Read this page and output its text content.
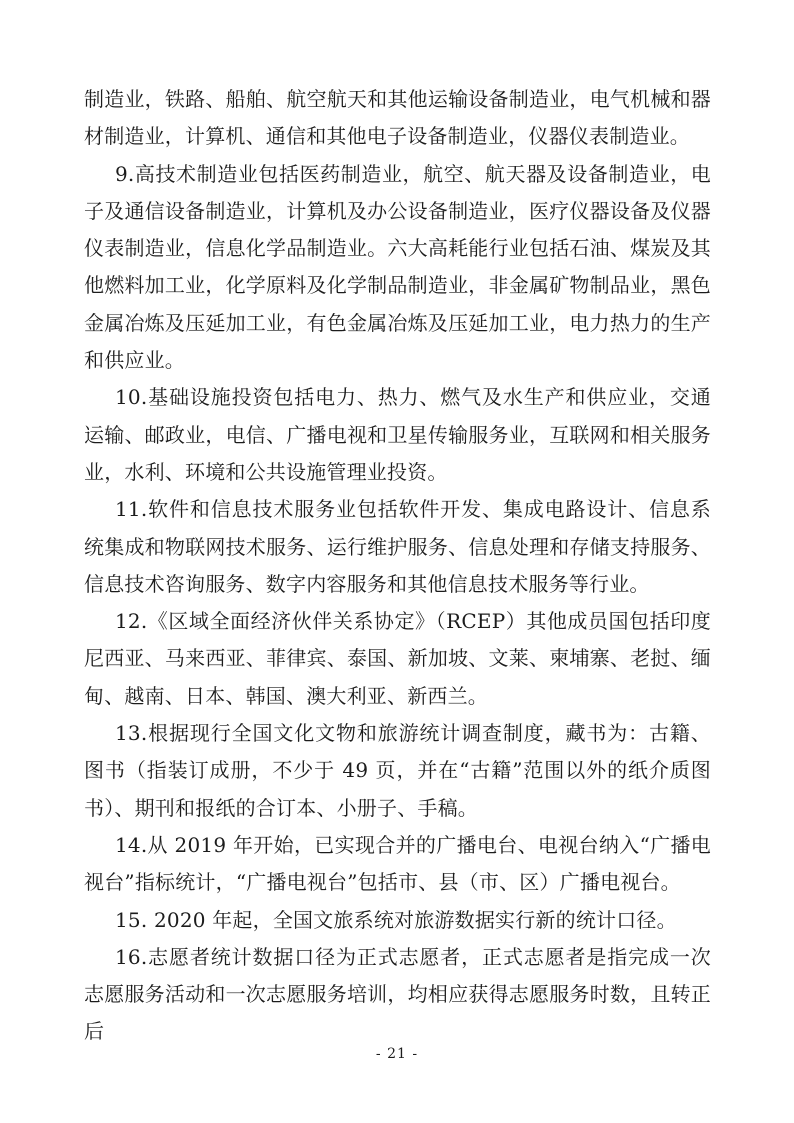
制造业，铁路、船舶、航空航天和其他运输设备制造业，电气机械和器材制造业，计算机、通信和其他电子设备制造业，仪器仪表制造业。

9.高技术制造业包括医药制造业，航空、航天器及设备制造业，电子及通信设备制造业，计算机及办公设备制造业，医疗仪器设备及仪器仪表制造业，信息化学品制造业。六大高耗能行业包括石油、煤炭及其他燃料加工业，化学原料及化学制品制造业，非金属矿物制品业，黑色金属冶炼及压延加工业，有色金属冶炼及压延加工业，电力热力的生产和供应业。

10.基础设施投资包括电力、热力、燃气及水生产和供应业，交通运输、邮政业，电信、广播电视和卫星传输服务业，互联网和相关服务业，水利、环境和公共设施管理业投资。

11.软件和信息技术服务业包括软件开发、集成电路设计、信息系统集成和物联网技术服务、运行维护服务、信息处理和存储支持服务、信息技术咨询服务、数字内容服务和其他信息技术服务等行业。

12.《区域全面经济伙伴关系协定》（RCEP）其他成员国包括印度尼西亚、马来西亚、菲律宾、泰国、新加坡、文莱、柬埔寨、老挝、缅甸、越南、日本、韩国、澳大利亚、新西兰。

13.根据现行全国文化文物和旅游统计调查制度，藏书为：古籍、图书（指装订成册，不少于 49 页，并在“古籍”范围以外的纸介质图书）、期刊和报纸的合订本、小册子、手稿。

14.从 2019 年开始，已实现合并的广播电台、电视台纳入“广播电视台”指标统计，“广播电视台”包括市、县（市、区）广播电视台。

15. 2020 年起，全国文旅系统对旅游数据实行新的统计口径。

16.志愿者统计数据口径为正式志愿者，正式志愿者是指完成一次志愿服务活动和一次志愿服务培训，均相应获得志愿服务时数，且转正后

- 21 -
